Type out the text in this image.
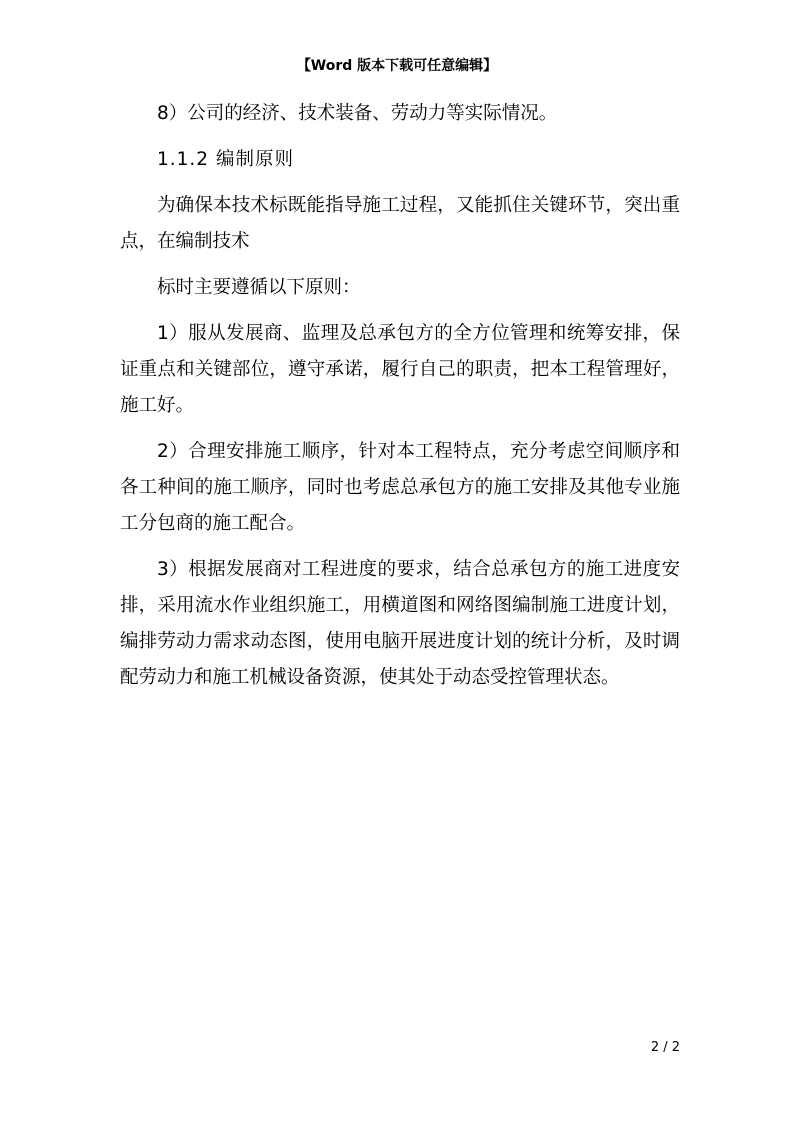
【Word 版本下载可任意编辑】

8）公司的经济、技术装备、劳动力等实际情况。

1.1.2 编制原则

为确保本技术标既能指导施工过程，又能抓住关键环节，突出重点，在编制技术

标时主要遵循以下原则：

1）服从发展商、监理及总承包方的全方位管理和统筹安排，保证重点和关键部位，遵守承诺，履行自己的职责，把本工程管理好，施工好。

2）合理安排施工顺序，针对本工程特点，充分考虑空间顺序和各工种间的施工顺序，同时也考虑总承包方的施工安排及其他专业施工分包商的施工配合。

3）根据发展商对工程进度的要求，结合总承包方的施工进度安排，采用流水作业组织施工，用横道图和网络图编制施工进度计划，编排劳动力需求动态图，使用电脑开展进度计划的统计分析，及时调配劳动力和施工机械设备资源，使其处于动态受控管理状态。

2 / 2
